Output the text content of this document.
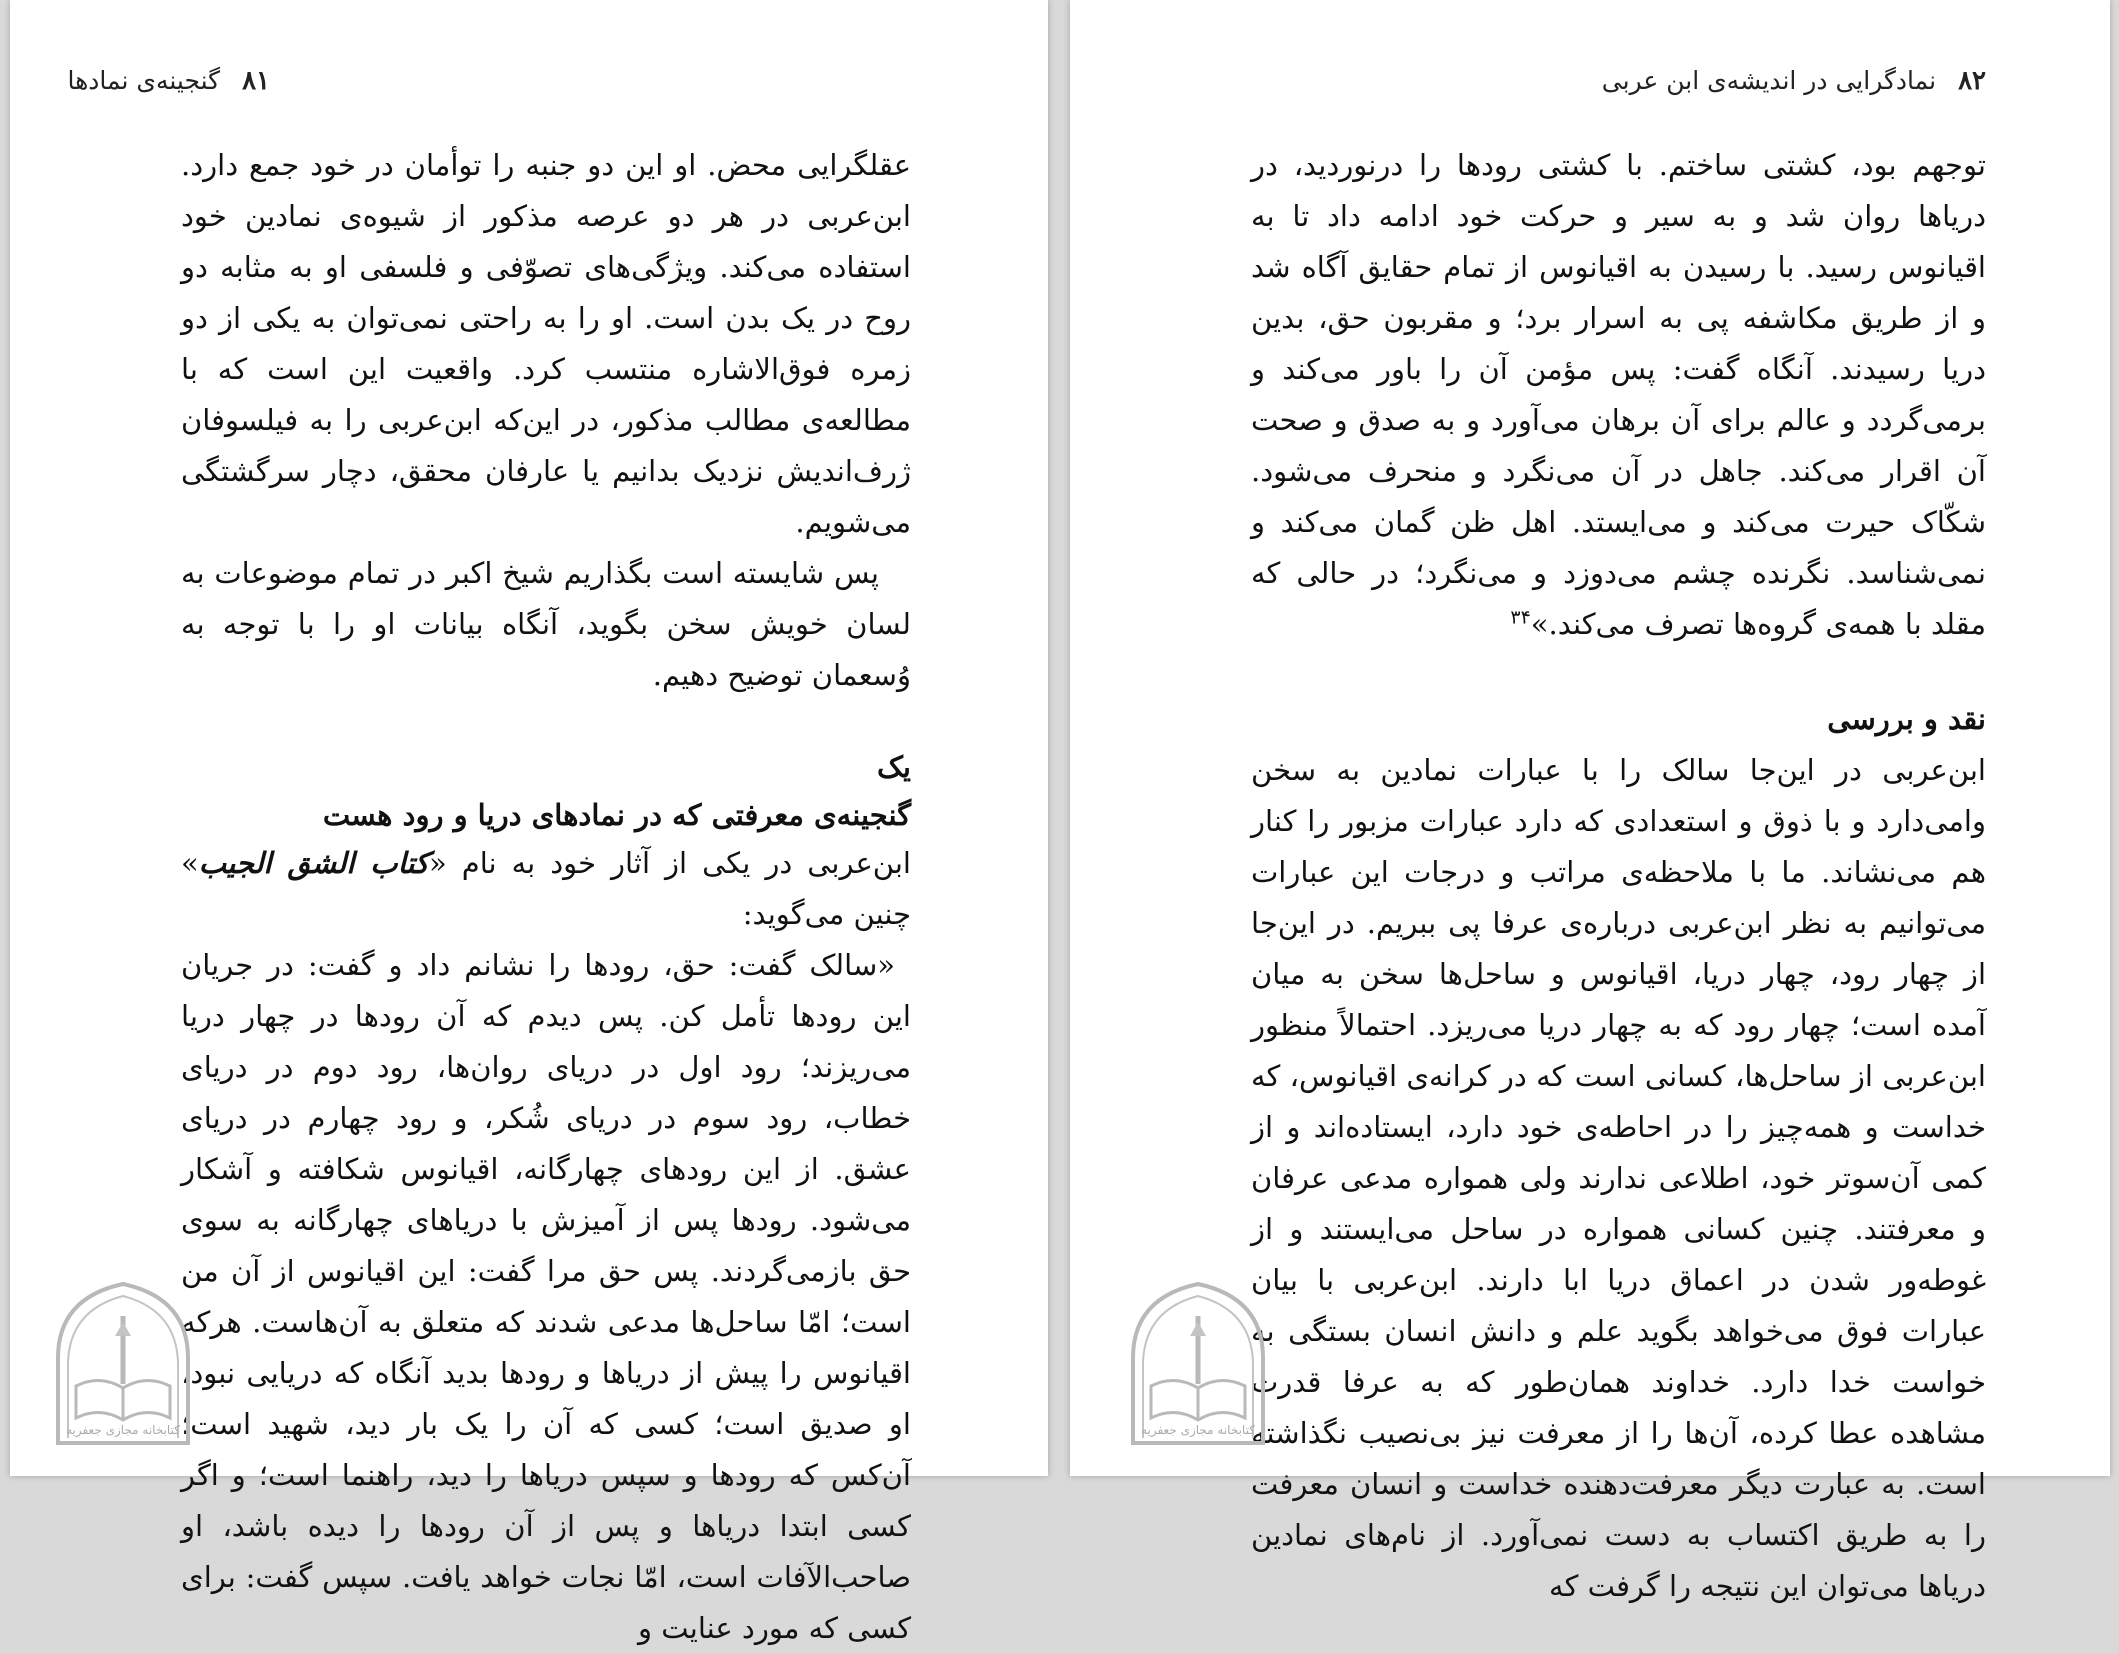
۸۱
گنجینه‌ی نمادها

عقلگرایی محض. او این دو جنبه را توأمان در خود جمع دارد. ابن‌عربی در هر دو عرصه مذکور از شیوه‌ی نمادین خود استفاده می‌کند. ویژگی‌های تصوّفی و فلسفی او به مثابه دو روح در یک بدن است. او را به راحتی نمی‌توان به یکی از دو زمره فوق‌الاشاره منتسب کرد. واقعیت این است که با مطالعه‌ی مطالب مذکور، در این‌که ابن‌عربی را به فیلسوفان ژرف‌اندیش نزدیک بدانیم یا عارفان محقق، دچار سرگشتگی می‌شویم.

پس شایسته است بگذاریم شیخ اکبر در تمام موضوعات به لسان خویش سخن بگوید، آنگاه بیانات او را با توجه به وُسعمان توضیح دهیم.

یک

گنجینه‌ی معرفتی که در نمادهای دریا و رود هست

ابن‌عربی در یکی از آثار خود به نام «کتاب الشق الجیب» چنین می‌گوید:

«سالک گفت: حق، رودها را نشانم داد و گفت: در جریان این رودها تأمل کن. پس دیدم که آن رودها در چهار دریا می‌ریزند؛ رود اول در دریای روان‌ها، رود دوم در دریای خطاب، رود سوم در دریای شُکر، و رود چهارم در دریای عشق. از این رودهای چهارگانه، اقیانوس شکافته و آشکار می‌شود. رودها پس از آمیزش با دریاهای چهارگانه به سوی حق بازمی‌گردند. پس حق مرا گفت: این اقیانوس از آن من است؛ امّا ساحل‌ها مدعی شدند که متعلق به آن‌هاست. هرکه اقیانوس را پیش از دریاها و رودها بدید آنگاه که دریایی نبود، او صدیق است؛ کسی که آن را یک بار دید، شهید است؛ آن‌کس که رودها و سپس دریاها را دید، راهنما است؛ و اگر کسی ابتدا دریاها و پس از آن رودها را دیده باشد، او صاحب‌الآفات است، امّا نجات خواهد یافت. سپس گفت: برای کسی که مورد عنایت و

کتابخانه مجازی جعفریه
۸۲
نمادگرایی در اندیشه‌ی ابن عربی

توجهم بود، کشتی ساختم. با کشتی رودها را درنوردید، در دریاها روان شد و به سیر و حرکت خود ادامه داد تا به اقیانوس رسید. با رسیدن به اقیانوس از تمام حقایق آگاه شد و از طریق مکاشفه پی به اسرار برد؛ و مقربون حق، بدین دریا رسیدند. آنگاه گفت: پس مؤمن آن را باور می‌کند و برمی‌گردد و عالم برای آن برهان می‌آورد و به صدق و صحت آن اقرار می‌کند. جاهل در آن می‌نگرد و منحرف می‌شود. شکّاک حیرت می‌کند و می‌ایستد. اهل ظن گمان می‌کند و نمی‌شناسد. نگرنده چشم می‌دوزد و می‌نگرد؛ در حالی که مقلد با همه‌ی گروه‌ها تصرف می‌کند.»$^{۳۴}$

نقد و بررسی

ابن‌عربی در این‌جا سالک را با عبارات نمادین به سخن وامی‌دارد و با ذوق و استعدادی که دارد عبارات مزبور را کنار هم می‌نشاند. ما با ملاحظه‌ی مراتب و درجات این عبارات می‌توانیم به نظر ابن‌عربی درباره‌ی عرفا پی ببریم. در این‌جا از چهار رود، چهار دریا، اقیانوس و ساحل‌ها سخن به میان آمده است؛ چهار رود که به چهار دریا می‌ریزد. احتمالاً منظور ابن‌عربی از ساحل‌ها، کسانی است که در کرانه‌ی اقیانوس، که خداست و همه‌چیز را در احاطه‌ی خود دارد، ایستاده‌اند و از کمی آن‌سوتر خود، اطلاعی ندارند ولی همواره مدعی عرفان و معرفتند. چنین کسانی همواره در ساحل می‌ایستند و از غوطه‌ور شدن در اعماق دریا ابا دارند. ابن‌عربی با بیان عبارات فوق می‌خواهد بگوید علم و دانش انسان بستگی به خواست خدا دارد. خداوند همان‌طور که به عرفا قدرت مشاهده عطا کرده، آن‌ها را از معرفت نیز بی‌نصیب نگذاشته است. به عبارت دیگر معرفت‌دهنده خداست و انسان معرفت را به طریق اکتساب به دست نمی‌آورد. از نام‌های نمادین دریاها می‌توان این نتیجه را گرفت که

کتابخانه مجازی جعفریه
